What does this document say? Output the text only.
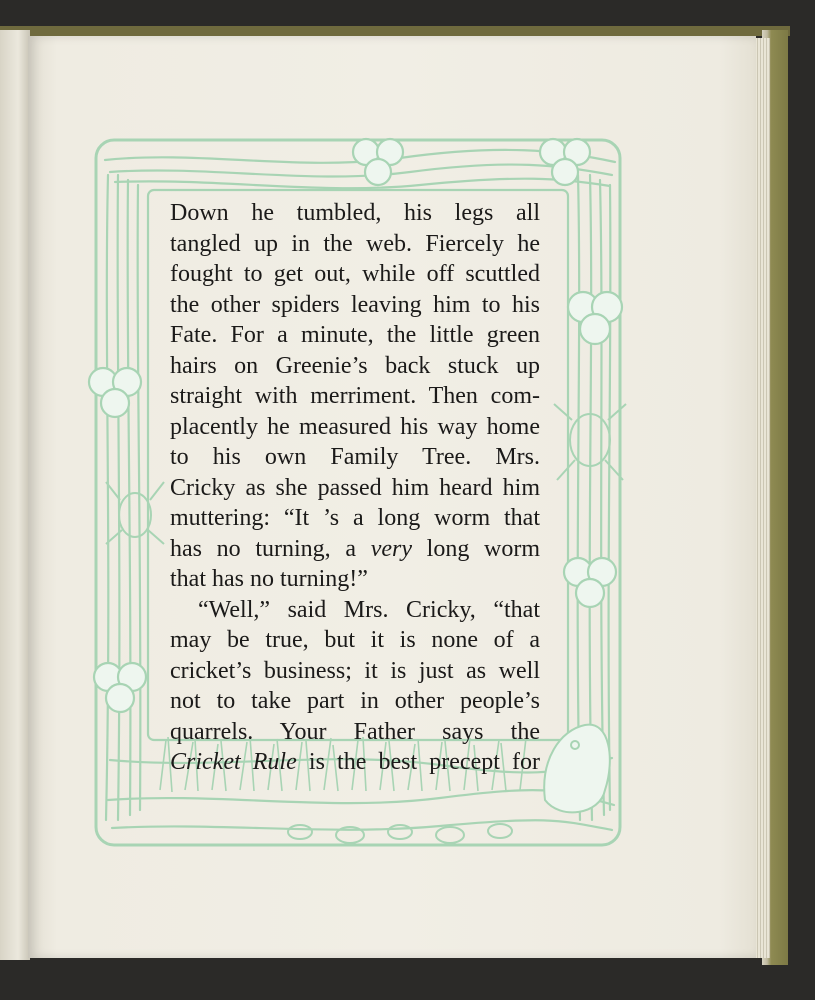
Down he tumbled, his legs all
tangled up in the web. Fiercely he
fought to get out, while off scuttled
the other spiders leaving him to his
Fate. For a minute, the little green
hairs on Greenie’s back stuck up
straight with merriment. Then com-
placently he measured his way home
to his own Family Tree. Mrs.
Cricky as she passed him heard him
muttering: “It ’s a long worm that
has no turning, a very long worm
that has no turning!”
“Well,” said Mrs. Cricky, “that
may be true, but it is none of a
cricket’s business; it is just as well
not to take part in other people’s
quarrels. Your Father says the
Cricket Rule is the best precept for
